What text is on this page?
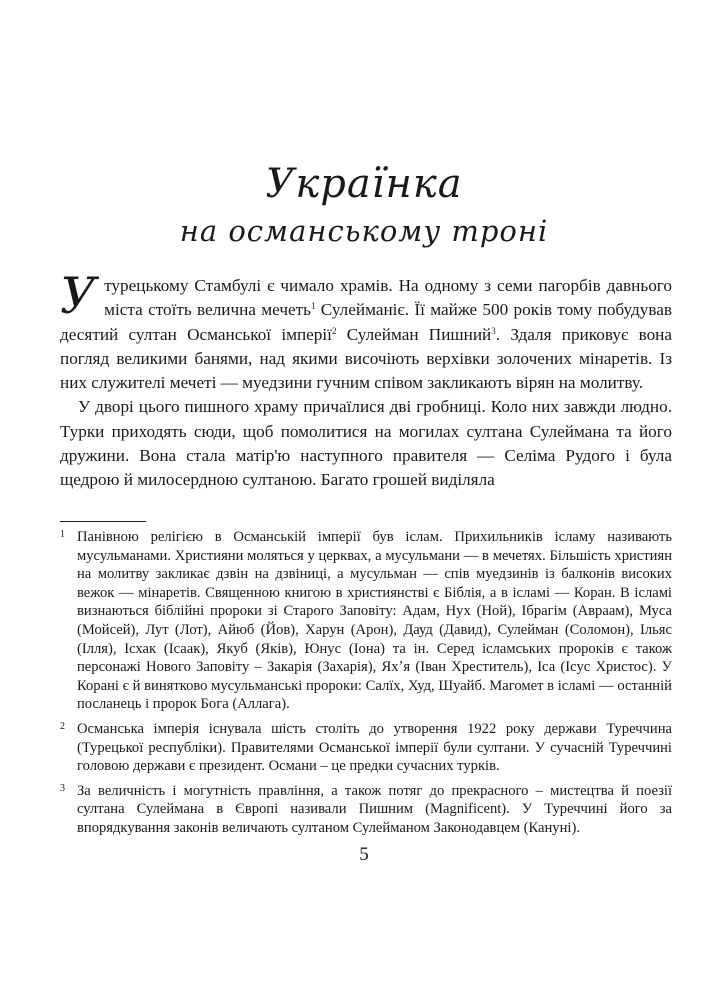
Українка
на османському троні

У турецькому Стамбулі є чимало храмів. На одному з семи пагорбів давнього міста стоїть велична мечеть$^1$ Сулейманіє. Її майже 500 років тому побудував десятий султан Османської імперії$^2$ Сулейман Пишний$^3$. Здаля приковує вона погляд великими банями, над якими височіють верхівки золочених мінаретів. Із них служителі мечеті — муедзини гучним співом закликають вірян на молитву.

У дворі цього пишного храму причаїлися дві гробниці. Коло них завжди людно. Турки приходять сюди, щоб помолитися на могилах султана Сулеймана та його дружини. Вона стала матір'ю наступного правителя — Селіма Рудого і була щедрою й милосердною султаною. Багато грошей виділяла

1 Панівною релігією в Османській імперії був іслам. Прихильників ісламу називають мусульманами. Християни моляться у церквах, а мусульмани — в мечетях. Більшість християн на молитву закликає дзвін на дзвіниці, а мусульман — спів муедзинів із балконів високих вежок — мінаретів. Священною книгою в християнстві є Біблія, а в ісламі — Коран. В ісламі визнаються біблійні пророки зі Старого Заповіту: Адам, Нух (Ной), Ібрагім (Авраам), Муса (Мойсей), Лут (Лот), Айюб (Йов), Харун (Арон), Дауд (Давид), Сулейман (Соломон), Ільяс (Ілля), Ісхак (Ісаак), Якуб (Яків), Юнус (Іона) та ін. Серед ісламських пророків є також персонажі Нового Заповіту – Закарія (Захарія), Яхʼя (Іван Хреститель), Іса (Ісус Христос). У Корані є й винятково мусульманські пророки: Салїх, Худ, Шуайб. Магомет в ісламі — останній посланець і пророк Бога (Аллага).
2 Османська імперія існувала шість століть до утворення 1922 року держави Туреччина (Турецької республіки). Правителями Османської імперії були султани. У сучасній Туреччині головою держави є президент. Османи – це предки сучасних турків.
3 За величність і могутність правління, а також потяг до прекрасного – мистецтва й поезії султана Сулеймана в Європі називали Пишним (Magnificent). У Туреччині його за впорядкування законів величають султаном Сулейманом Законодавцем (Кануні).
5
